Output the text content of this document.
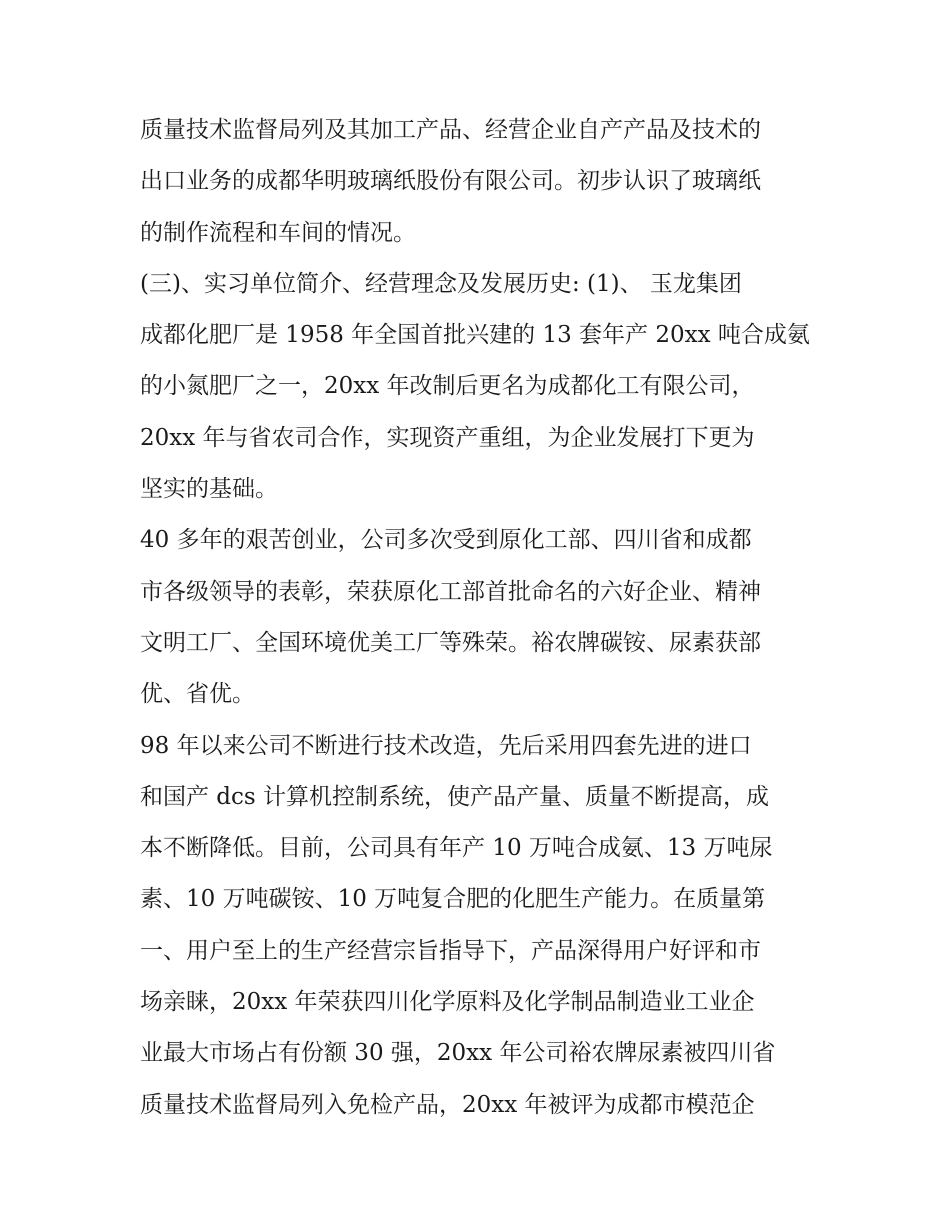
质量技术监督局列及其加工产品、经营企业自产产品及技术的
出口业务的成都华明玻璃纸股份有限公司。初步认识了玻璃纸
的制作流程和车间的情况。
(三)、实习单位简介、经营理念及发展历史: (1)、 玉龙集团
成都化肥厂是 1958 年全国首批兴建的 13 套年产 20xx 吨合成氨
的小氮肥厂之一，20xx 年改制后更名为成都化工有限公司，
20xx 年与省农司合作，实现资产重组，为企业发展打下更为
坚实的基础。
40 多年的艰苦创业，公司多次受到原化工部、四川省和成都
市各级领导的表彰，荣获原化工部首批命名的六好企业、精神
文明工厂、全国环境优美工厂等殊荣。裕农牌碳铵、尿素获部
优、省优。
98 年以来公司不断进行技术改造，先后采用四套先进的进口
和国产 dcs 计算机控制系统，使产品产量、质量不断提高，成
本不断降低。目前，公司具有年产 10 万吨合成氨、13 万吨尿
素、10 万吨碳铵、10 万吨复合肥的化肥生产能力。在质量第
一、用户至上的生产经营宗旨指导下，产品深得用户好评和市
场亲睐，20xx 年荣获四川化学原料及化学制品制造业工业企
业最大市场占有份额 30 强，20xx 年公司裕农牌尿素被四川省
质量技术监督局列入免检产品，20xx 年被评为成都市模范企
